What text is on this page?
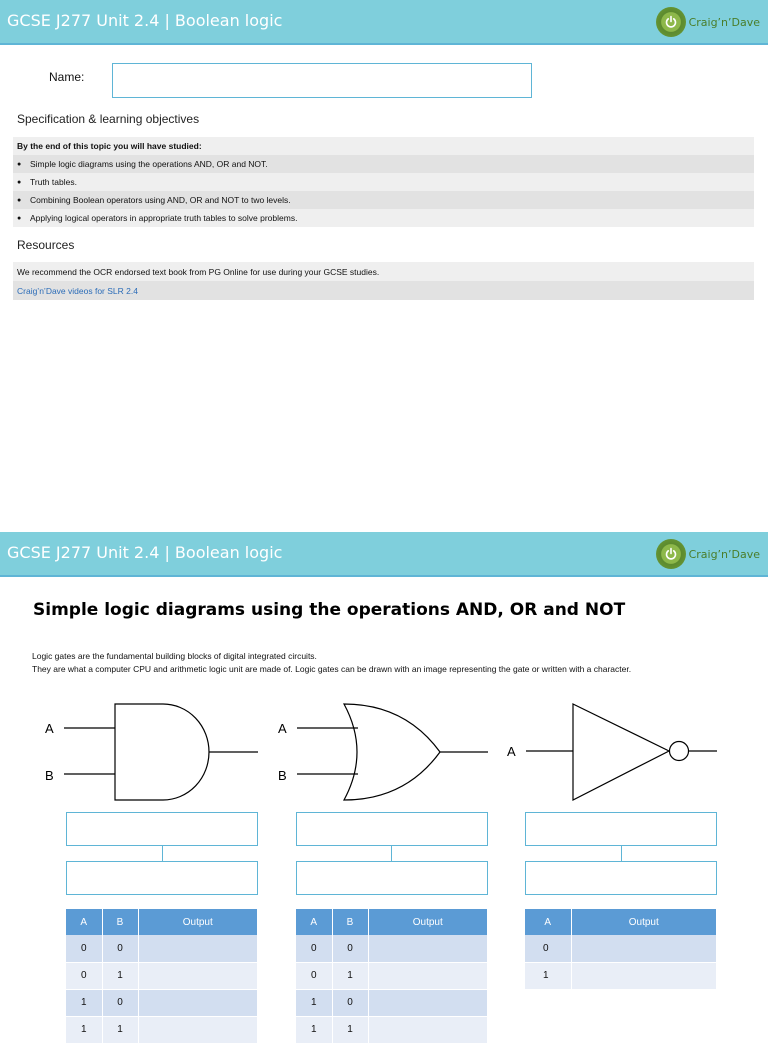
GCSE J277 Unit 2.4 | Boolean logic	Craig’n’Dave
Name:
Specification & learning objectives
By the end of this topic you will have studied:
●	Simple logic diagrams using the operations AND, OR and NOT.
●	Truth tables.
●	Combining Boolean operators using AND, OR and NOT to two levels.
●	Applying logical operators in appropriate truth tables to solve problems.
Resources
We recommend the OCR endorsed text book from PG Online for use during your GCSE studies.
Craig’n’Dave videos for SLR 2.4
GCSE J277 Unit 2.4 | Boolean logic	Craig’n’Dave
Simple logic diagrams using the operations AND, OR and NOT
Logic gates are the fundamental building blocks of digital integrated circuits.
They are what a computer CPU and arithmetic logic unit are made of. Logic gates can be drawn with an image representing the gate or written with a character.
A
B
A
B
A
A	B	Output
0	0	
0	1	
1	0	
1	1	
A	B	Output
0	0	
0	1	
1	0	
1	1	
A	Output
0	
1	
